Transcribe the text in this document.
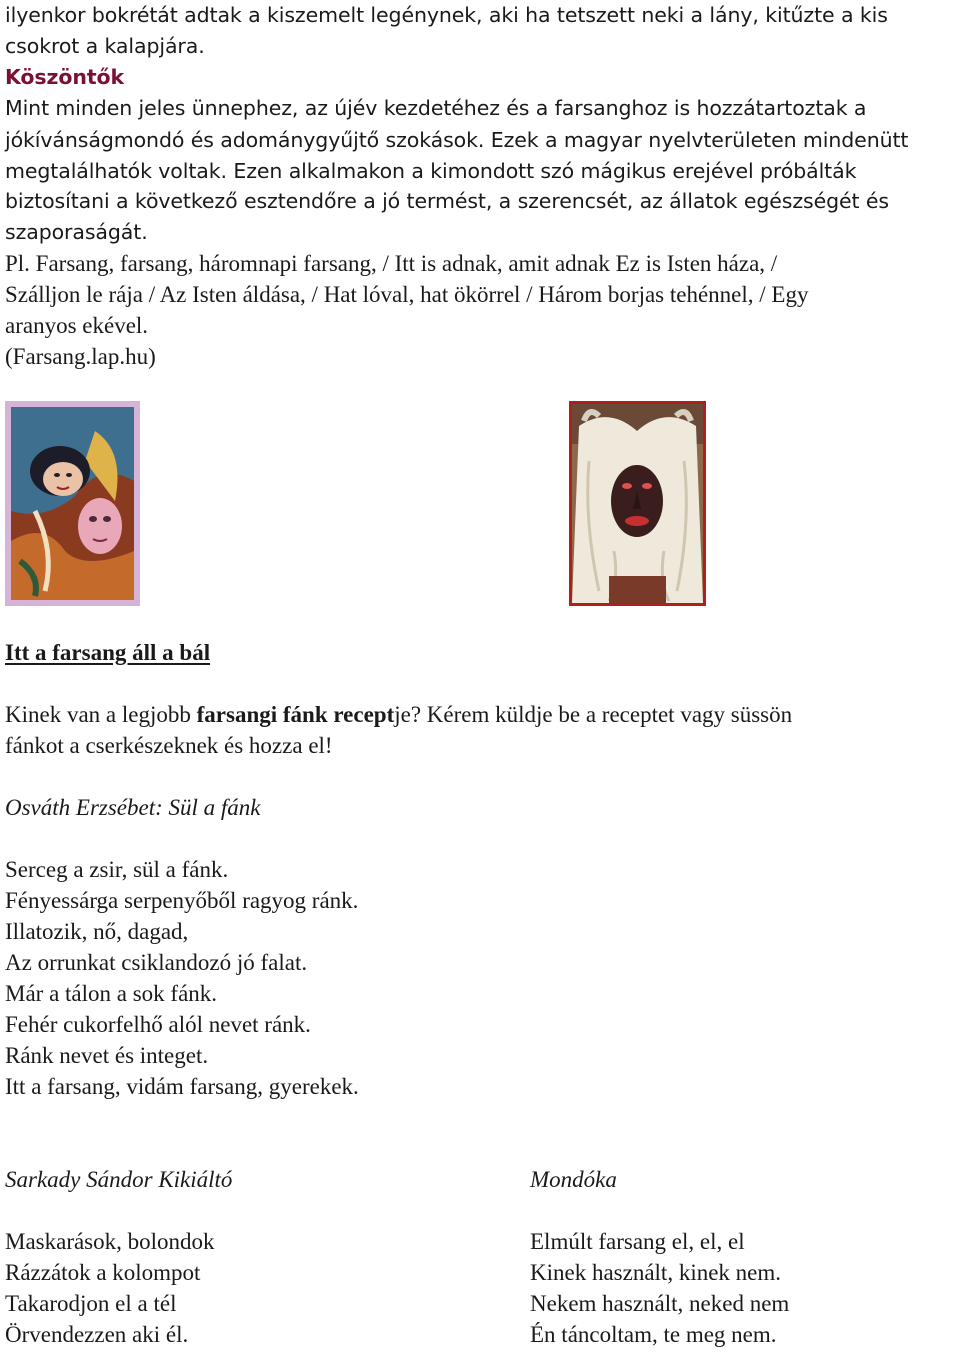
ilyenkor bokrétát adtak a kiszemelt legénynek, aki ha tetszett neki a lány, kitűzte a kis
csokrot a kalapjára.
Köszöntők
Mint minden jeles ünnephez, az újév kezdetéhez és a farsanghoz is hozzátartoztak a
jókívánságmondó és adománygyűjtő szokások. Ezek a magyar nyelvterületen mindenütt
megtalálhatók voltak. Ezen alkalmakon a kimondott szó mágikus erejével próbálták
biztosítani a következő esztendőre a jó termést, a szerencsét, az állatok egészségét és
szaporaságát.
Pl. Farsang, farsang, háromnapi farsang, / Itt is adnak, amit adnak Ez is Isten háza, /
Szálljon le rája / Az Isten áldása, / Hat lóval, hat ökörrel / Három borjas tehénnel, / Egy
aranyos ekével.
(Farsang.lap.hu)
Itt a farsang áll a bál
Kinek van a legjobb farsangi fánk receptje? Kérem küldje be a receptet vagy süssön
fánkot a cserkészeknek és hozza el!
Osváth Erzsébet: Sül a fánk
Serceg a zsir, sül a fánk.
Fényessárga serpenyőből ragyog ránk.
Illatozik, nő, dagad,
Az orrunkat csiklandozó jó falat.
Már a tálon a sok fánk.
Fehér cukorfelhő alól nevet ránk.
Ránk nevet és integet.
Itt a farsang, vidám farsang, gyerekek.
Sarkady Sándor Kikiáltó
Maskarások, bolondok
Rázzátok a kolompot
Takarodjon el a tél
Örvendezzen aki él.
Mondóka
Elmúlt farsang el, el, el
Kinek használt, kinek nem.
Nekem használt, neked nem
Én táncoltam, te meg nem.
